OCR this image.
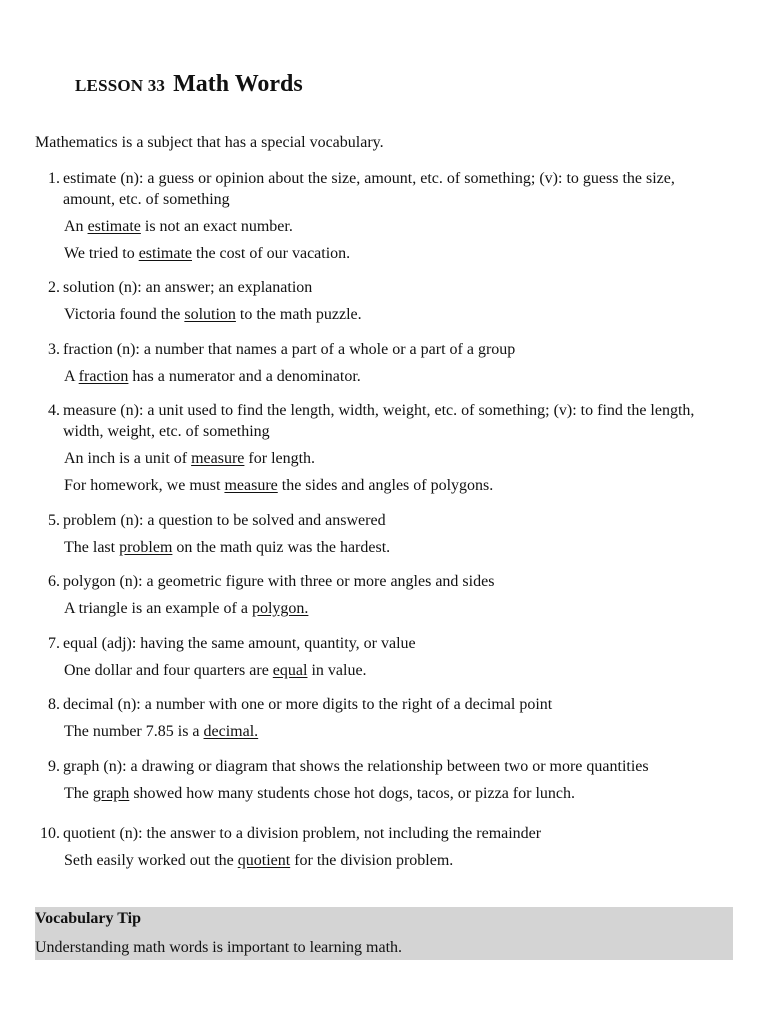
LESSON 33 Math Words

Mathematics is a subject that has a special vocabulary.

1. estimate (n): a guess or opinion about the size, amount, etc. of something; (v): to guess the size, amount, etc. of something

An estimate is not an exact number.

We tried to estimate the cost of our vacation.

2. solution (n): an answer; an explanation

Victoria found the solution to the math puzzle.

3. fraction (n): a number that names a part of a whole or a part of a group

A fraction has a numerator and a denominator.

4. measure (n): a unit used to find the length, width, weight, etc. of something; (v): to find the length, width, weight, etc. of something

An inch is a unit of measure for length.

For homework, we must measure the sides and angles of polygons.

5. problem (n): a question to be solved and answered

The last problem on the math quiz was the hardest.

6. polygon (n): a geometric figure with three or more angles and sides

A triangle is an example of a polygon.

7. equal (adj): having the same amount, quantity, or value

One dollar and four quarters are equal in value.

8. decimal (n): a number with one or more digits to the right of a decimal point

The number 7.85 is a decimal.

9. graph (n): a drawing or diagram that shows the relationship between two or more quantities

The graph showed how many students chose hot dogs, tacos, or pizza for lunch.

10. quotient (n): the answer to a division problem, not including the remainder

Seth easily worked out the quotient for the division problem.

Vocabulary Tip

Understanding math words is important to learning math.
